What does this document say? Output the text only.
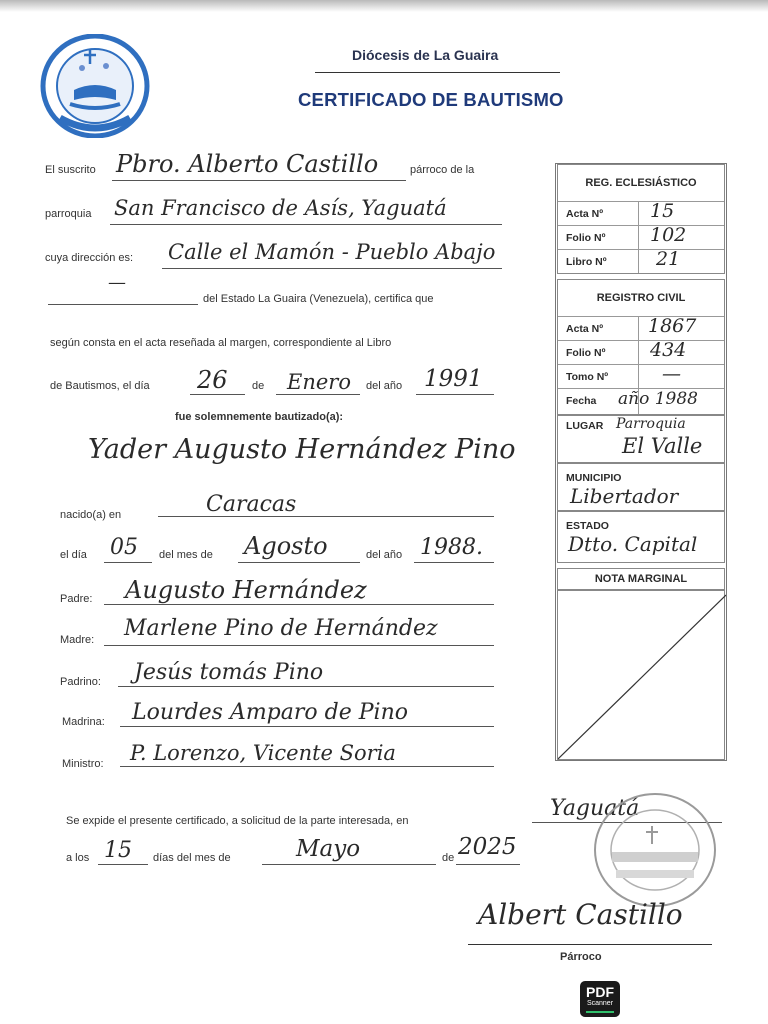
Diócesis de La Guaira
CERTIFICADO DE BAUTISMO
El suscrito Pbro. Alberto Castillo	párroco de la
parroquia San Francisco de Asís, Yaguatá
cuya dirección es: Calle el Mamón - Pueblo Abajo
—
del Estado La Guaira (Venezuela), certifica que
según consta en el acta reseñada al margen, correspondiente al Libro
de Bautismos, el día 26 de Enero del año 1991
fue solemnemente bautizado(a):
Yader Augusto Hernández Pino
nacido(a) en	Caracas
el día 05 del mes de Agosto	del año 1988.
Padre: Augusto Hernández
Madre: Marlene Pino de Hernández
Padrino: Jesús tomás Pino
Madrina: Lourdes Amparo de Pino
Ministro: P. Lorenzo, Vicente Soria
REG. ECLESIÁSTICO
Acta Nº 15
Folio Nº 102
Libro Nº	21
REGISTRO CIVIL
Acta Nº 1867
Folio Nº 434
Tomo Nº	—
Fecha año 1988
LUGAR Parroquia
El Valle
MUNICIPIO
Libertador
ESTADO
Dtto. Capital
NOTA MARGINAL
Se expide el presente certificado, a solicitud de la parte interesada, en	Yaguatá
a los 15 días del mes de	Mayo	de 2025
Albert Castillo
Párroco
PDF
Scanner
